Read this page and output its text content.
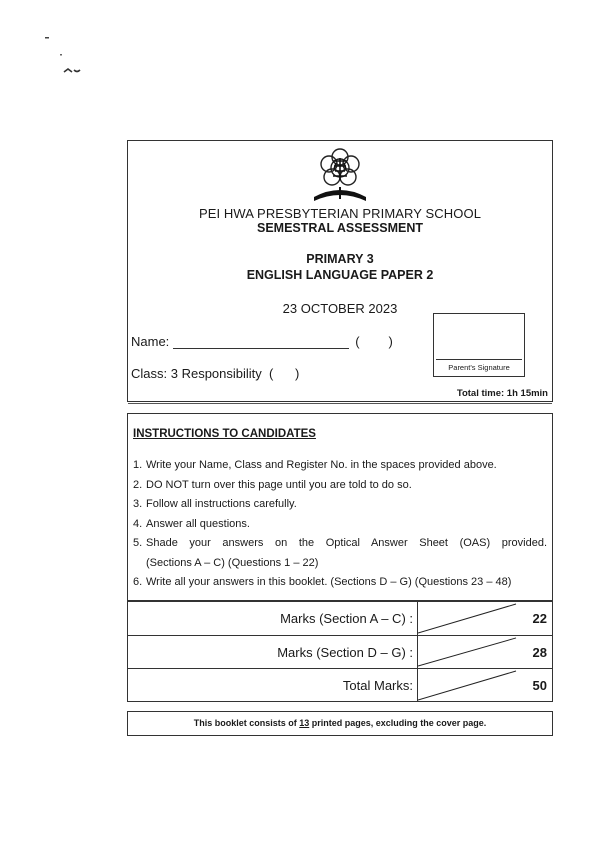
PEI HWA PRESBYTERIAN PRIMARY SCHOOL
SEMESTRAL ASSESSMENT
PRIMARY 3
ENGLISH LANGUAGE PAPER 2
23 OCTOBER 2023
Name:	(        )
Class: 3 Responsibility  (      )	Parent's Signature
Total time: 1h 15min
INSTRUCTIONS TO CANDIDATES
1. Write your Name, Class and Register No. in the spaces provided above.
2. DO NOT turn over this page until you are told to do so.
3. Follow all instructions carefully.
4. Answer all questions.
5. Shade your answers on the Optical Answer Sheet (OAS) provided.
(Sections A – C) (Questions 1 – 22)
6. Write all your answers in this booklet. (Sections D – G) (Questions 23 – 48)
Marks (Section A – C) :	22
Marks (Section D – G) :	28
Total Marks:	50
This booklet consists of 13 printed pages, excluding the cover page.
